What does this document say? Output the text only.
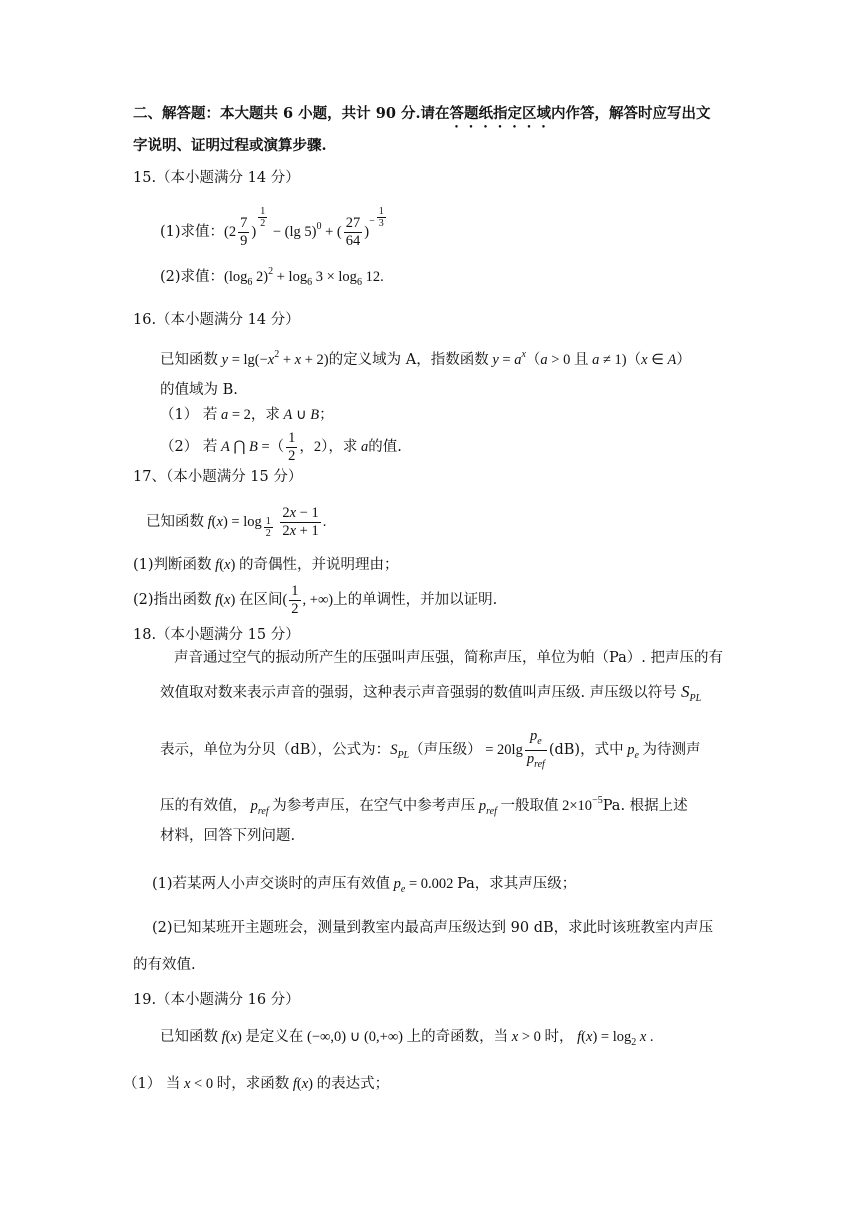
二、解答题：本大题共 6 小题，共计 90 分.请在答题纸指定区域内作答，解答时应写出文
字说明、证明过程或演算步骤.
15.（本小题满分 14 分）
(1)求值：($2 \frac{7}{9}$ )
$\frac{1}{2}$
− (lg 5)$^0$ + ( $\frac{27}{64} )^- \frac{1}{3}$
(2)求值：($\log_6$ $2)^2 + \log_6 3 \times \log_6 12$.
16.（本小题满分 14 分）
已知函数 $y = \lg(-x^2 + x + 2)$的定义域为 A，指数函数 $y = a^x(a > 0$ 且 a ≠ 1)（x ∈ A）
的值域为 B.
（1） 若 a = 2，求 A ∪ B；
（2） 若 A ⋂ B =（ $\frac{1}{2}$ ，2），求 a的值.
17、（本小题满分 15 分）
已知函数 $f(x) = \log \frac{1}{2}$
$\frac{2x - 1}{2x + 1}$ .
(1)判断函数 f(x) 的奇偶性，并说明理由；
(2)指出函数 f(x) 在区间( $\frac{1}{2}$ , +∞)上的单调性，并加以证明.
18.（本小题满分 15 分）
声音通过空气的振动所产生的压强叫声压强，简称声压，单位为帕（Pa）. 把声压的有
效值取对数来表示声音的强弱，这种表示声音强弱的数值叫声压级. 声压级以符号 $S_{PL}$
表示，单位为分贝（dB），公式为：$S_{PL}$（声压级） = $20\lg \frac{p_e}{p_{ref}} (dB)$，式中 $p_e$ 为待测声
压的有效值， $p_{ref}$ 为参考声压，在空气中参考声压 $p_{ref}$ 一般取值 $2\times 10^{-5}Pa$. 根据上述
材料，回答下列问题.
(1)若某两人小声交谈时的声压有效值 $p_e = 0.002$ Pa，求其声压级；
(2)已知某班开主题班会，测量到教室内最高声压级达到 90 dB，求此时该班教室内声压
的有效值.
19.（本小题满分 16 分）
已知函数 f(x) 是定义在 (−∞,0) ∪ (0,+∞) 上的奇函数，当 x > 0 时， $f(x) = \log_2 x$ .
（1） 当 x < 0 时，求函数 f(x) 的表达式；
